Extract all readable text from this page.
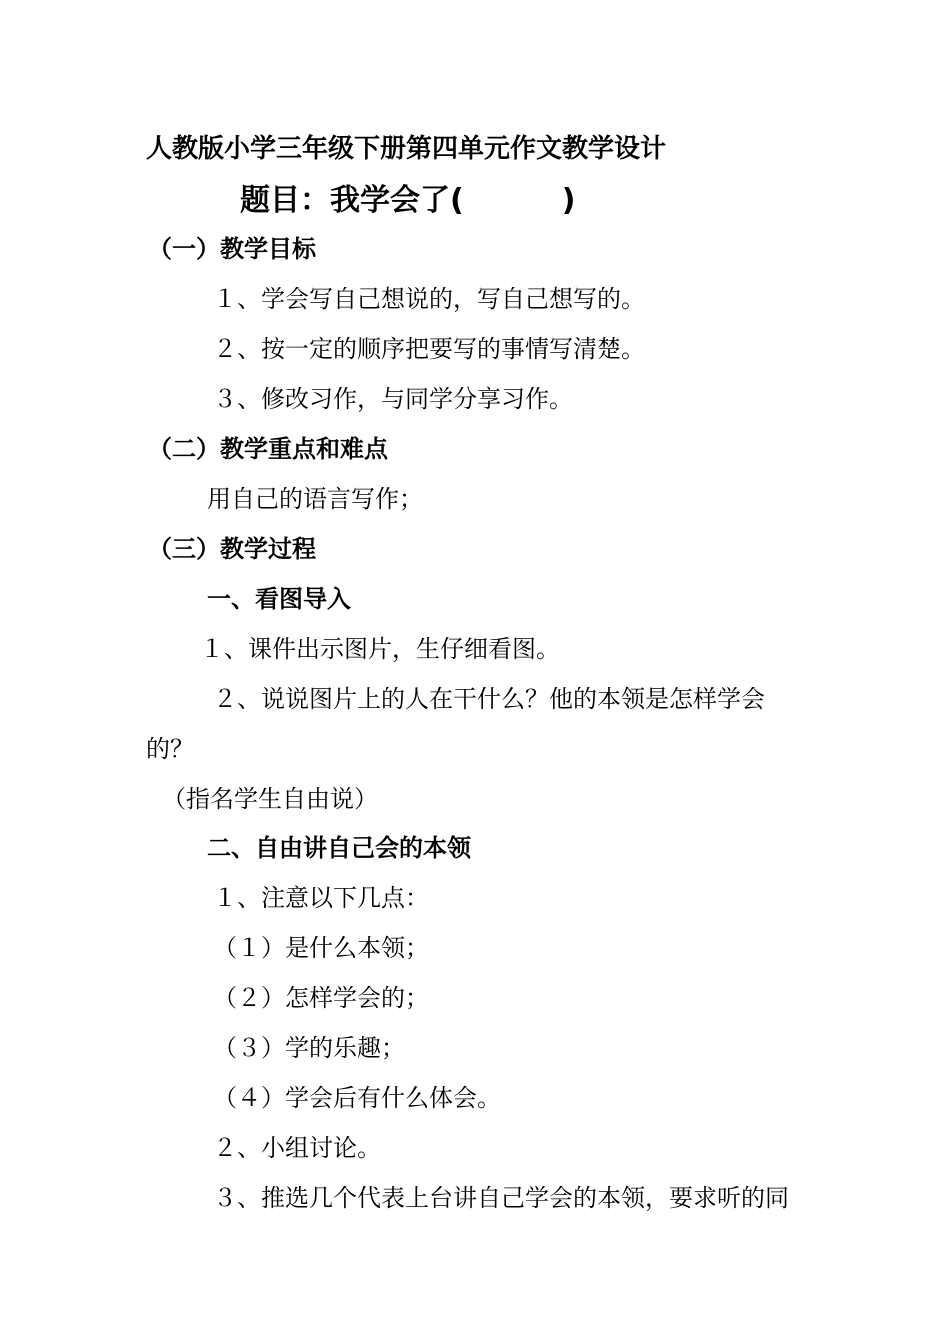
人教版小学三年级下册第四单元作文教学设计
题目：我学会了(	)
（一）教学目标
１、学会写自己想说的，写自己想写的。
２、按一定的顺序把要写的事情写清楚。
３、修改习作，与同学分享习作。
（二）教学重点和难点
用自己的语言写作；
（三）教学过程
一、看图导入
１、课件出示图片，生仔细看图。
２、说说图片上的人在干什么？他的本领是怎样学会
的？
（指名学生自由说）
二、自由讲自己会的本领
１、注意以下几点：
（１）是什么本领；
（２）怎样学会的；
（３）学的乐趣；
（４）学会后有什么体会。
２、小组讨论。
３、推选几个代表上台讲自己学会的本领，要求听的同
